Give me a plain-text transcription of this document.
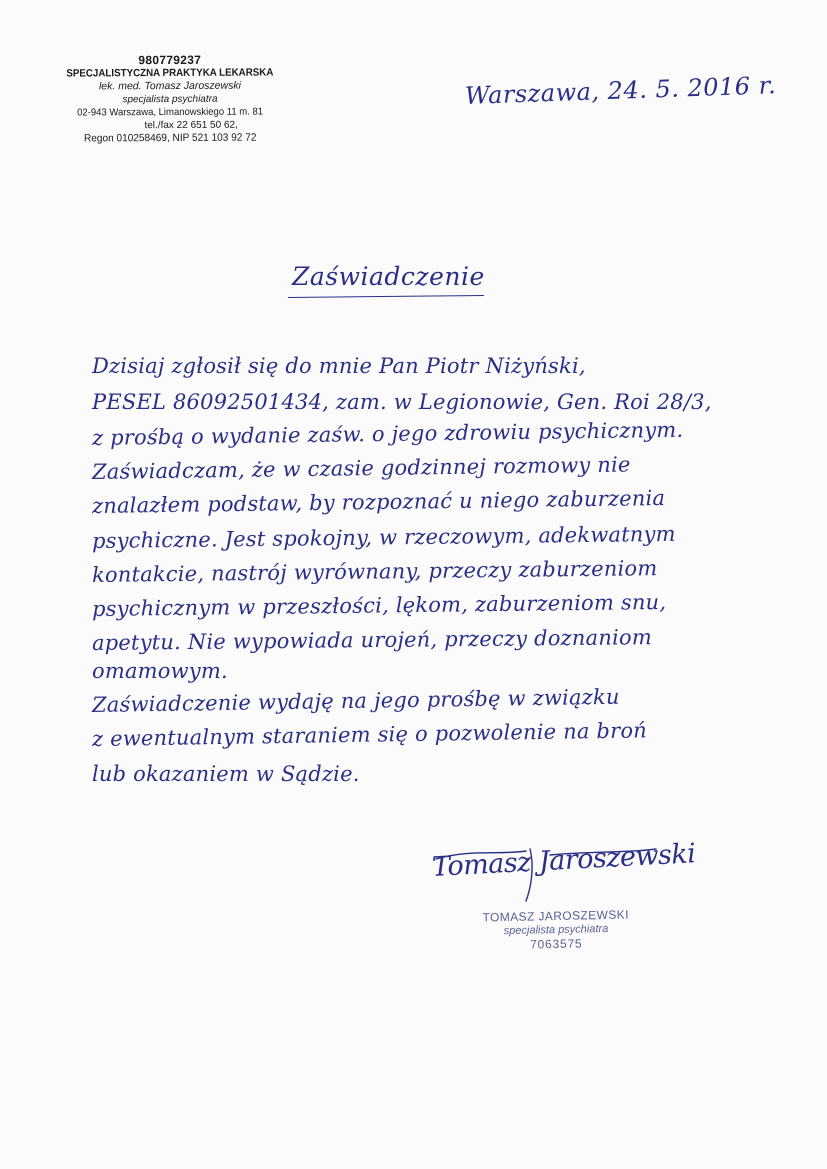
980779237
SPECJALISTYCZNA PRAKTYKA LEKARSKA
lek. med. Tomasz Jaroszewski
specjalista psychiatra
02-943 Warszawa, Limanowskiego 11 m. 81
tel./fax 22 651 50 62,
Regon 010258469, NIP 521 103 92 72
Warszawa, 24. 5. 2016 r.
Zaświadczenie
Dzisiaj zgłosił się do mnie Pan Piotr Niżyński,
PESEL 86092501434, zam. w Legionowie, Gen. Roi 28/3,
z prośbą o wydanie zaśw. o jego zdrowiu psychicznym.
Zaświadczam, że w czasie godzinnej rozmowy nie
znalazłem podstaw, by rozpoznać u niego zaburzenia
psychiczne. Jest spokojny, w rzeczowym, adekwatnym
kontakcie, nastrój wyrównany, przeczy zaburzeniom
psychicznym w przeszłości, lękom, zaburzeniom snu,
apetytu. Nie wypowiada urojeń, przeczy doznaniom
omamowym.
Zaświadczenie wydaję na jego prośbę w związku
z ewentualnym staraniem się o pozwolenie na broń
lub okazaniem w Sądzie.
Tomasz Jaroszewski
TOMASZ JAROSZEWSKI
specjalista psychiatra
7063575
